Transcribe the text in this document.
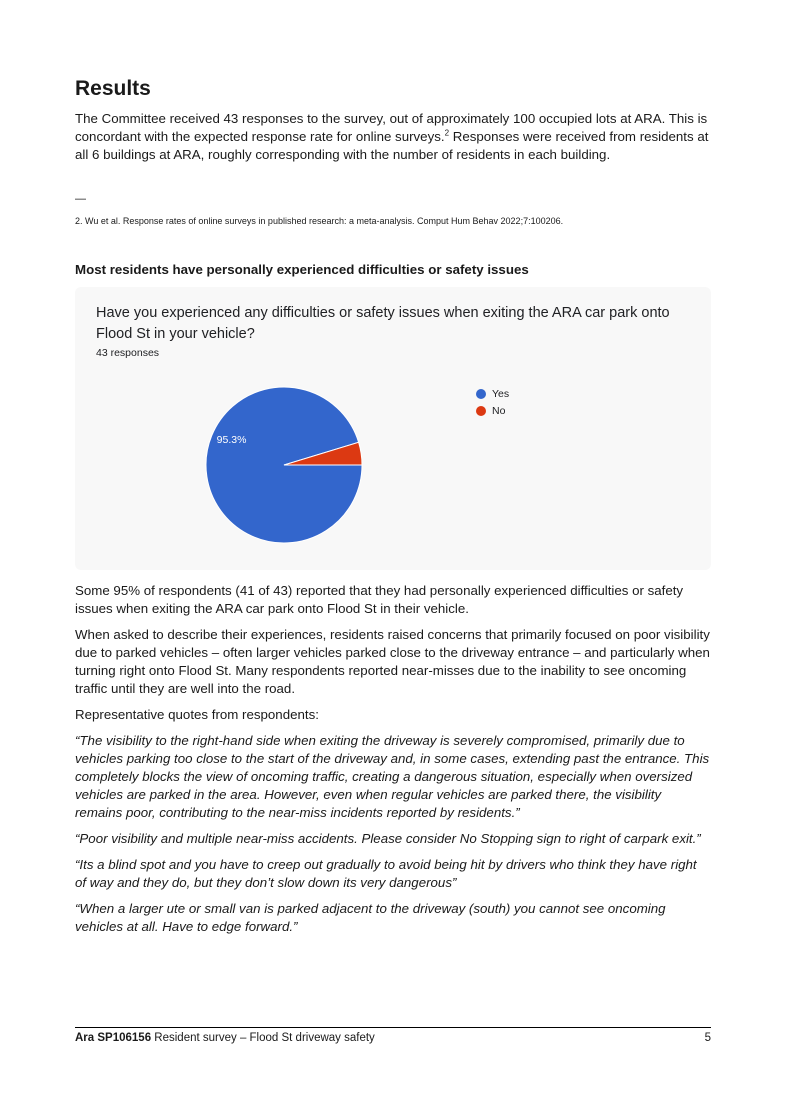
Results

The Committee received 43 responses to the survey, out of approximately 100 occupied lots at ARA. This is concordant with the expected response rate for online surveys.$^2$ Responses were received from residents at all 6 buildings at ARA, roughly corresponding with the number of residents in each building.

—
2. Wu et al. Response rates of online surveys in published research: a meta-analysis. Comput Hum Behav 2022;7:100206.
Most residents have personally experienced difficulties or safety issues
Have you experienced any difficulties or safety issues when exiting the ARA car park onto Flood St in your vehicle?
43 responses
95.3%
Yes
No

Some 95% of respondents (41 of 43) reported that they had personally experienced difficulties or safety issues when exiting the ARA car park onto Flood St in their vehicle.

When asked to describe their experiences, residents raised concerns that primarily focused on poor visibility due to parked vehicles – often larger vehicles parked close to the driveway entrance – and particularly when turning right onto Flood St. Many respondents reported near-misses due to the inability to see oncoming traffic until they are well into the road.

Representative quotes from respondents:

“The visibility to the right-hand side when exiting the driveway is severely compromised, primarily due to vehicles parking too close to the start of the driveway and, in some cases, extending past the entrance. This completely blocks the view of oncoming traffic, creating a dangerous situation, especially when oversized vehicles are parked in the area. However, even when regular vehicles are parked there, the visibility remains poor, contributing to the near-miss incidents reported by residents.”

“Poor visibility and multiple near-miss accidents. Please consider No Stopping sign to right of carpark exit.”

“Its a blind spot and you have to creep out gradually to avoid being hit by drivers who think they have right of way and they do, but they don’t slow down its very dangerous”

“When a larger ute or small van is parked adjacent to the driveway (south) you cannot see oncoming vehicles at all. Have to edge forward.”

Ara SP106156 Resident survey – Flood St driveway safety	5
